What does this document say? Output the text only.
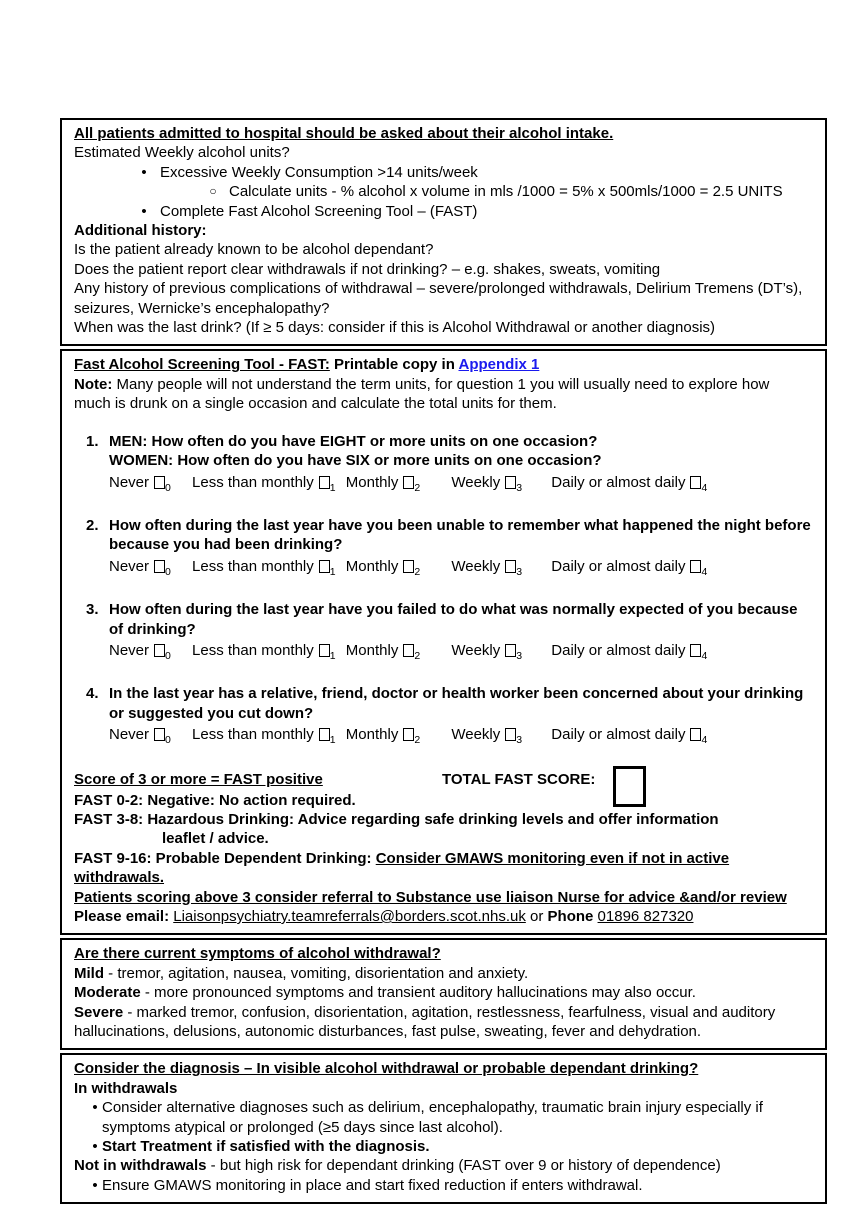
All patients admitted to hospital should be asked about their alcohol intake.
Estimated Weekly alcohol units?
• Excessive Weekly Consumption >14 units/week
○ Calculate units - % alcohol x volume in mls /1000 = 5% x 500mls/1000 = 2.5 UNITS
• Complete Fast Alcohol Screening Tool – (FAST)
Additional history:
Is the patient already known to be alcohol dependant?
Does the patient report clear withdrawals if not drinking? – e.g. shakes, sweats, vomiting
Any history of previous complications of withdrawal – severe/prolonged withdrawals, Delirium Tremens (DT’s), seizures, Wernicke’s encephalopathy?
When was the last drink? (If ≥ 5 days: consider if this is Alcohol Withdrawal or another diagnosis)
Fast Alcohol Screening Tool - FAST: Printable copy in Appendix 1
Note: Many people will not understand the term units, for question 1 you will usually need to explore how much is drunk on a single occasion and calculate the total units for them.
1. MEN: How often do you have EIGHT or more units on one occasion?
WOMEN: How often do you have SIX or more units on one occasion?
Never $_0$ Less than monthly $_1$ Monthly $_2$ Weekly $_3$ Daily or almost daily $_4$
2. How often during the last year have you been unable to remember what happened the night before because you had been drinking?
Never $_0$ Less than monthly $_1$ Monthly $_2$ Weekly $_3$ Daily or almost daily $_4$
3. How often during the last year have you failed to do what was normally expected of you because of drinking?
Never $_0$ Less than monthly $_1$ Monthly $_2$ Weekly $_3$ Daily or almost daily $_4$
4. In the last year has a relative, friend, doctor or health worker been concerned about your drinking or suggested you cut down?
Never $_0$ Less than monthly $_1$ Monthly $_2$ Weekly $_3$ Daily or almost daily $_4$
Score of 3 or more = FAST positive	TOTAL FAST SCORE:
FAST 0-2: Negative: No action required.
FAST 3-8: Hazardous Drinking: Advice regarding safe drinking levels and offer information
leaflet / advice.
FAST 9-16: Probable Dependent Drinking: Consider GMAWS monitoring even if not in active withdrawals.
Patients scoring above 3 consider referral to Substance use liaison Nurse for advice &and/or review
Please email: Liaisonpsychiatry.teamreferrals@borders.scot.nhs.uk or Phone 01896 827320
Are there current symptoms of alcohol withdrawal?
Mild - tremor, agitation, nausea, vomiting, disorientation and anxiety.
Moderate - more pronounced symptoms and transient auditory hallucinations may also occur.
Severe - marked tremor, confusion, disorientation, agitation, restlessness, fearfulness, visual and auditory hallucinations, delusions, autonomic disturbances, fast pulse, sweating, fever and dehydration.
Consider the diagnosis – In visible alcohol withdrawal or probable dependant drinking?
In withdrawals
• Consider alternative diagnoses such as delirium, encephalopathy, traumatic brain injury especially if symptoms atypical or prolonged (≥5 days since last alcohol).
• Start Treatment if satisfied with the diagnosis.
Not in withdrawals - but high risk for dependant drinking (FAST over 9 or history of dependence)
• Ensure GMAWS monitoring in place and start fixed reduction if enters withdrawal.
